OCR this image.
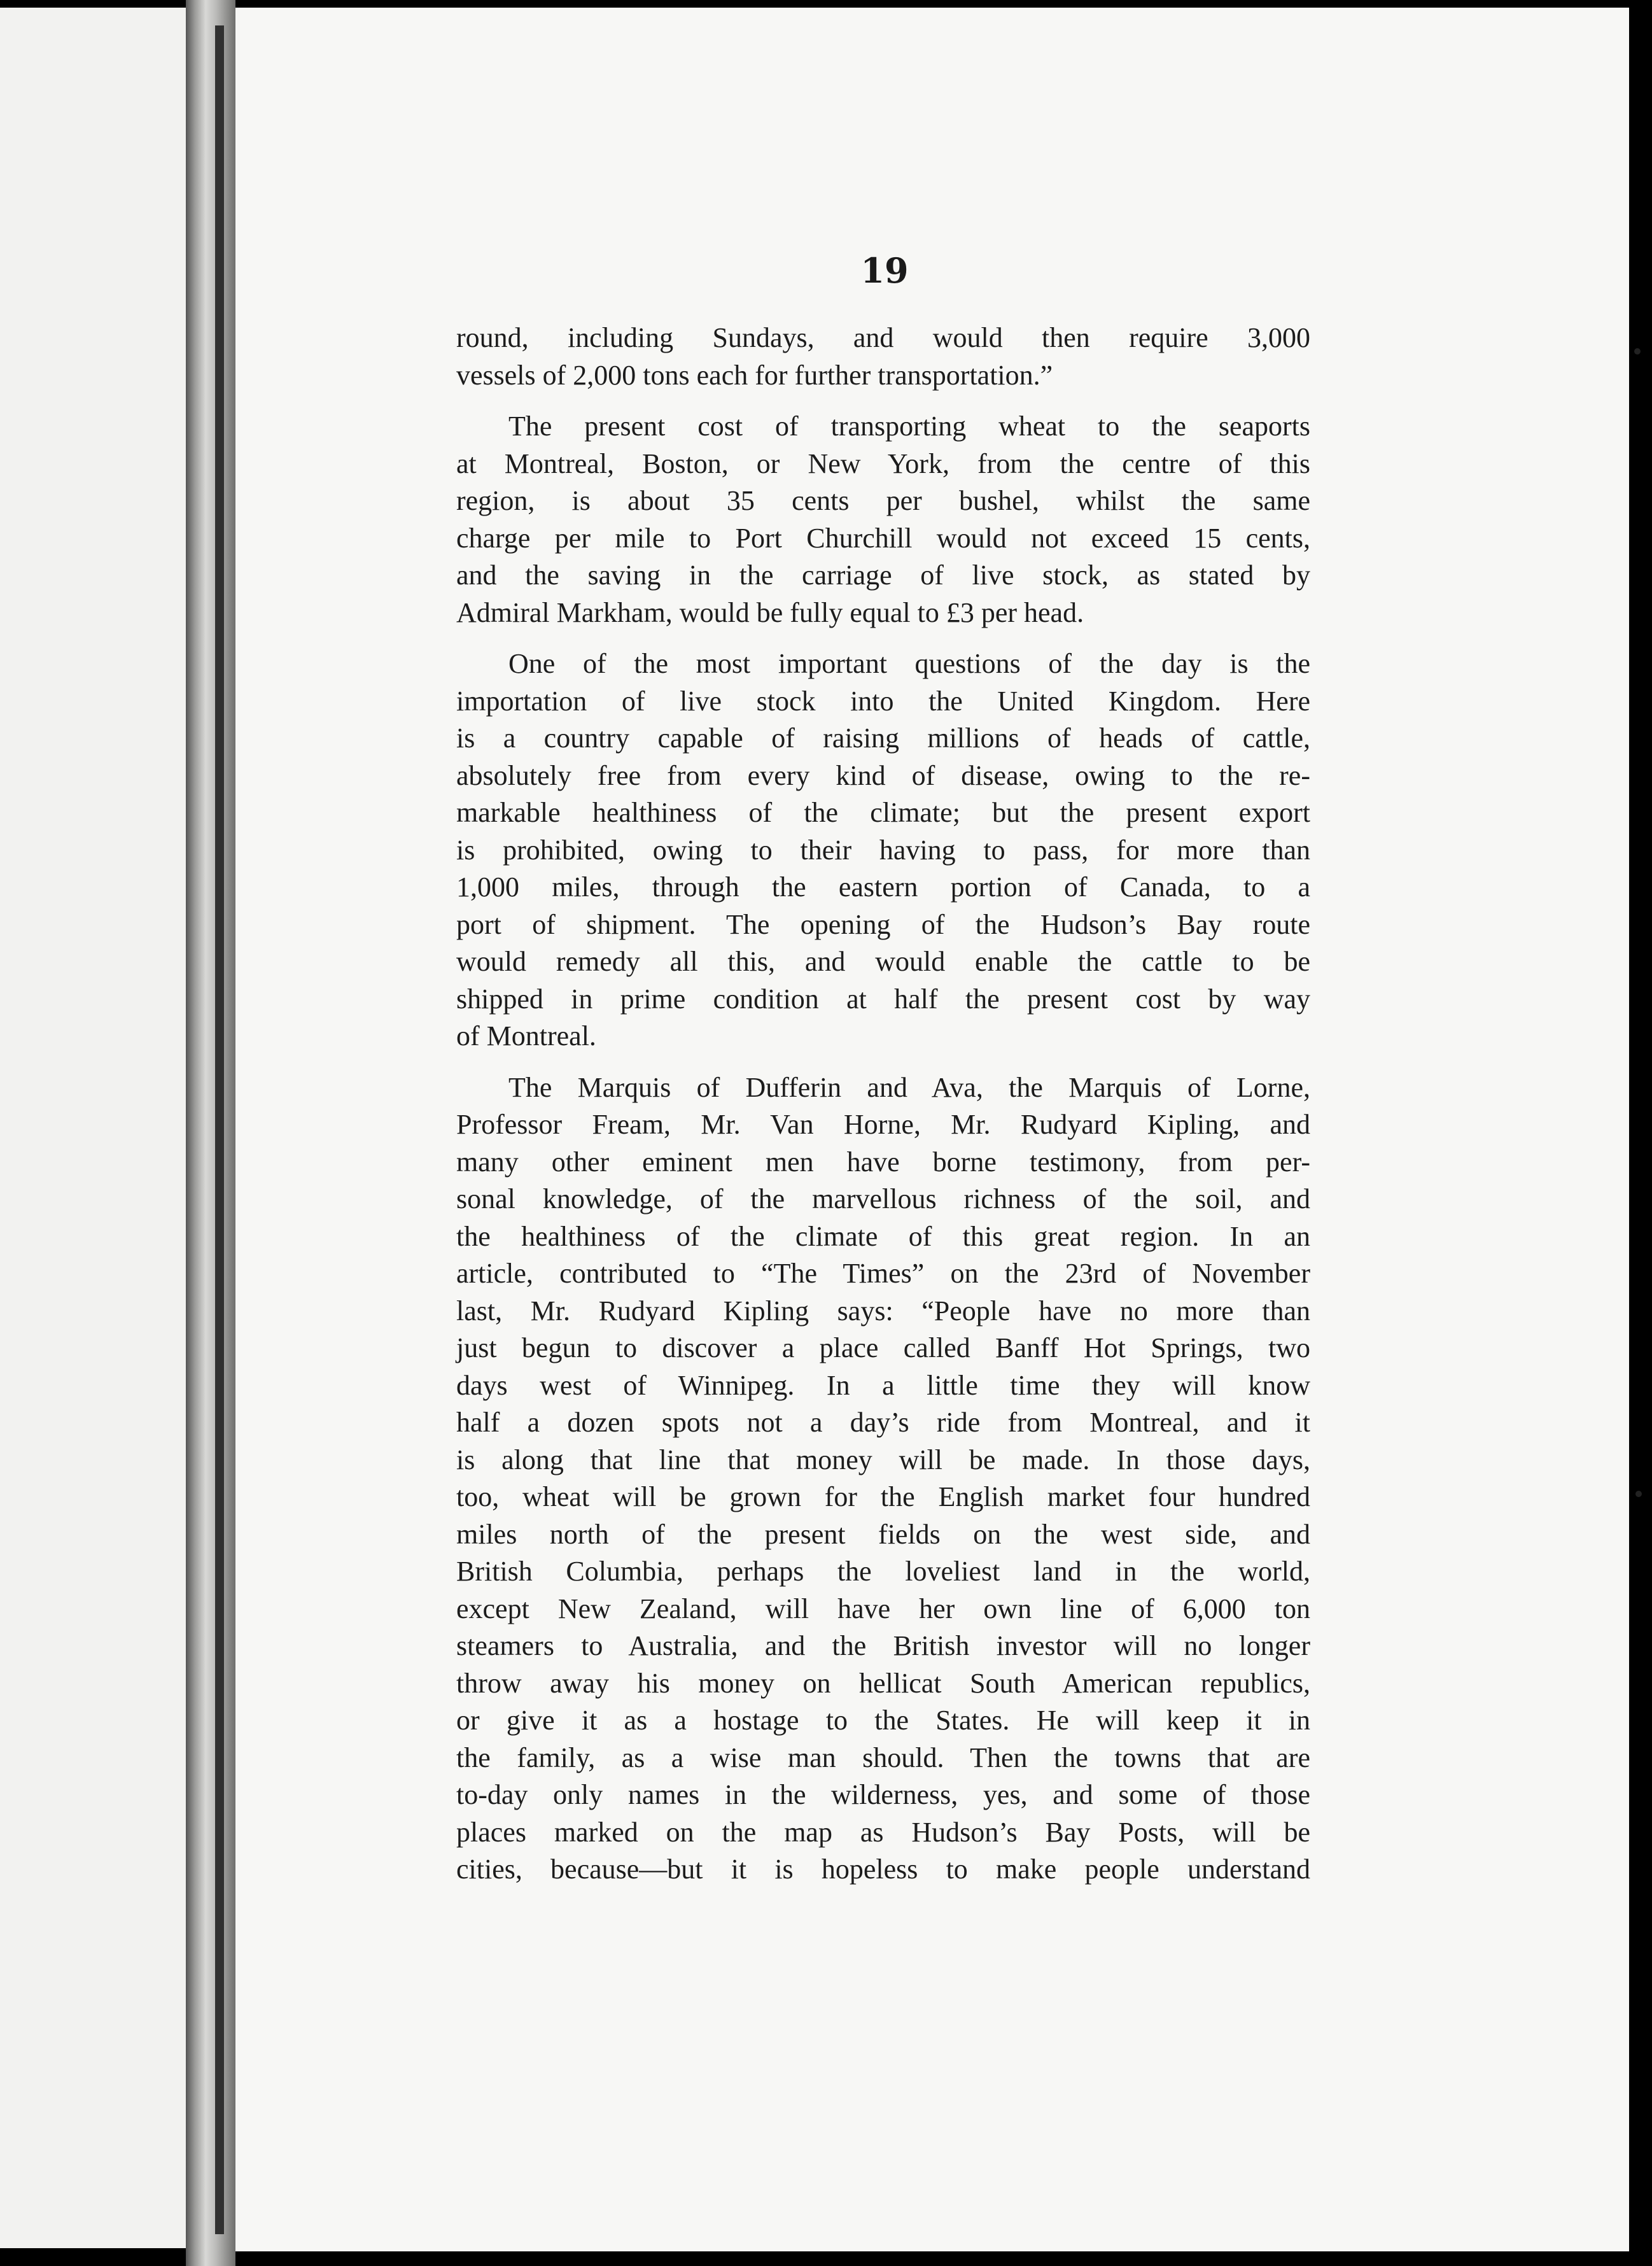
19

round, including Sundays, and would then require 3,000
vessels of 2,000 tons each for further transportation.”
The present cost of transporting wheat to the seaports
at Montreal, Boston, or New York, from the centre of this
region, is about 35 cents per bushel, whilst the same
charge per mile to Port Churchill would not exceed 15 cents,
and the saving in the carriage of live stock, as stated by
Admiral Markham, would be fully equal to £3 per head.
One of the most important questions of the day is the
importation of live stock into the United Kingdom. Here
is a country capable of raising millions of heads of cattle,
absolutely free from every kind of disease, owing to the re-
markable healthiness of the climate; but the present export
is prohibited, owing to their having to pass, for more than
1,000 miles, through the eastern portion of Canada, to a
port of shipment. The opening of the Hudson’s Bay route
would remedy all this, and would enable the cattle to be
shipped in prime condition at half the present cost by way
of Montreal.
The Marquis of Dufferin and Ava, the Marquis of Lorne,
Professor Fream, Mr. Van Horne, Mr. Rudyard Kipling, and
many other eminent men have borne testimony, from per-
sonal knowledge, of the marvellous richness of the soil, and
the healthiness of the climate of this great region. In an
article, contributed to “The Times” on the 23rd of November
last, Mr. Rudyard Kipling says: “People have no more than
just begun to discover a place called Banff Hot Springs, two
days west of Winnipeg. In a little time they will know
half a dozen spots not a day’s ride from Montreal, and it
is along that line that money will be made. In those days,
too, wheat will be grown for the English market four hundred
miles north of the present fields on the west side, and
British Columbia, perhaps the loveliest land in the world,
except New Zealand, will have her own line of 6,000 ton
steamers to Australia, and the British investor will no longer
throw away his money on hellicat South American republics,
or give it as a hostage to the States. He will keep it in
the family, as a wise man should. Then the towns that are
to-day only names in the wilderness, yes, and some of those
places marked on the map as Hudson’s Bay Posts, will be
cities, because—but it is hopeless to make people understand
